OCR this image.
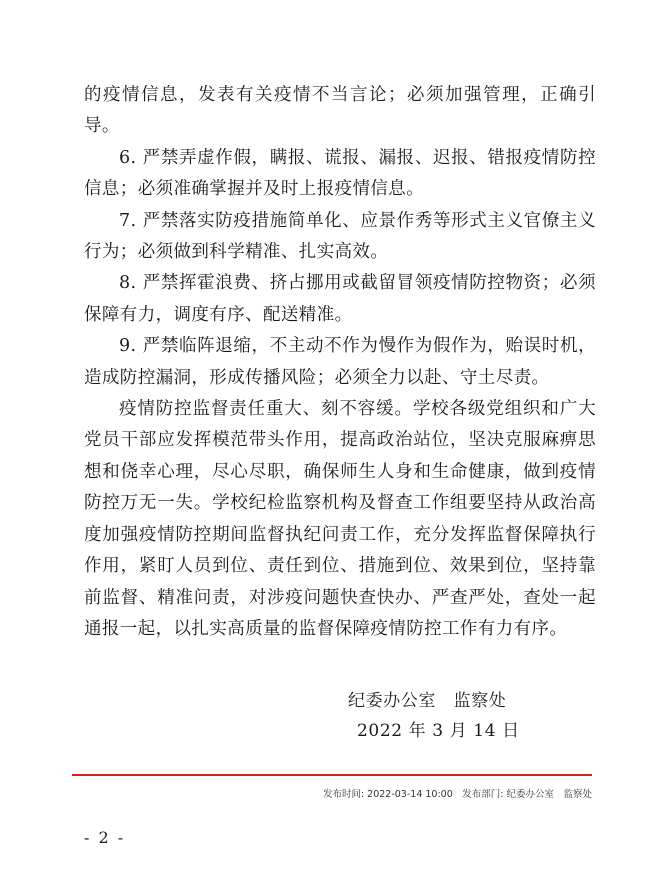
的疫情信息，发表有关疫情不当言论；必须加强管理，正确引导。

6. 严禁弄虚作假，瞒报、谎报、漏报、迟报、错报疫情防控信息；必须准确掌握并及时上报疫情信息。

7. 严禁落实防疫措施简单化、应景作秀等形式主义官僚主义行为；必须做到科学精准、扎实高效。

8. 严禁挥霍浪费、挤占挪用或截留冒领疫情防控物资；必须保障有力，调度有序、配送精准。

9. 严禁临阵退缩，不主动不作为慢作为假作为，贻误时机，造成防控漏洞，形成传播风险；必须全力以赴、守土尽责。

疫情防控监督责任重大、刻不容缓。学校各级党组织和广大党员干部应发挥模范带头作用，提高政治站位，坚决克服麻痹思想和侥幸心理，尽心尽职，确保师生人身和生命健康，做到疫情防控万无一失。学校纪检监察机构及督查工作组要坚持从政治高度加强疫情防控期间监督执纪问责工作，充分发挥监督保障执行作用，紧盯人员到位、责任到位、措施到位、效果到位，坚持靠前监督、精准问责，对涉疫问题快查快办、严查严处，查处一起通报一起，以扎实高质量的监督保障疫情防控工作有力有序。

纪委办公室　监察处
2022 年 3 月 14 日
发布时间: 2022-03-14 10:00　发布部门: 纪委办公室　监察处
- 2 -
